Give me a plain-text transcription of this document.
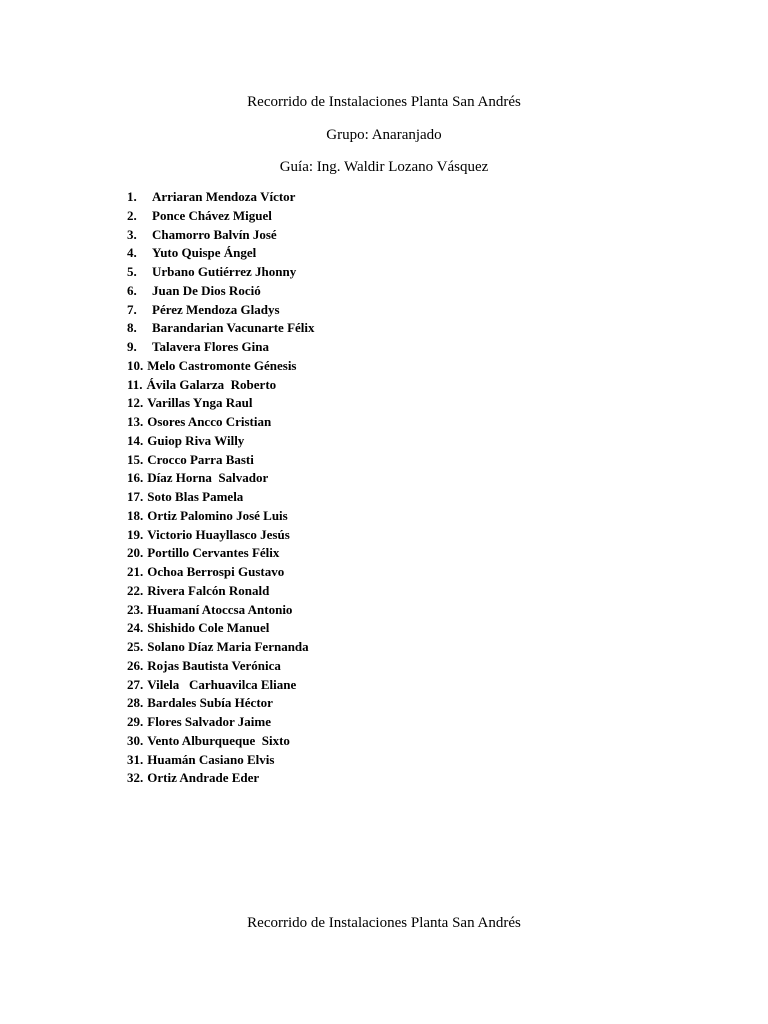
Recorrido de Instalaciones Planta San Andrés
Grupo: Anaranjado
Guía: Ing. Waldir Lozano Vásquez
1.	Arriaran Mendoza Víctor
2.	Ponce Chávez Miguel
3.	Chamorro Balvín José
4.	Yuto Quispe Ángel
5.	Urbano Gutiérrez Jhonny
6.	Juan De Dios Roció
7.	Pérez Mendoza Gladys
8.	Barandarian Vacunarte Félix
9.	Talavera Flores Gina
10. Melo Castromonte Génesis
11. Ávila Galarza  Roberto
12. Varillas Ynga Raul
13. Osores Ancco Cristian
14. Guiop Riva Willy
15. Crocco Parra Basti
16. Díaz Horna  Salvador
17. Soto Blas Pamela
18. Ortiz Palomino José Luis
19. Victorio Huayllasco Jesús
20. Portillo Cervantes Félix
21. Ochoa Berrospi Gustavo
22. Rivera Falcón Ronald
23. Huamaní Atoccsa Antonio
24. Shishido Cole Manuel
25. Solano Díaz Maria Fernanda
26. Rojas Bautista Verónica
27. Vilela   Carhuavilca Eliane
28. Bardales Subía Héctor
29. Flores Salvador Jaime
30. Vento Alburqueque  Sixto
31. Huamán Casiano Elvis
32. Ortiz Andrade Eder
Recorrido de Instalaciones Planta San Andrés
